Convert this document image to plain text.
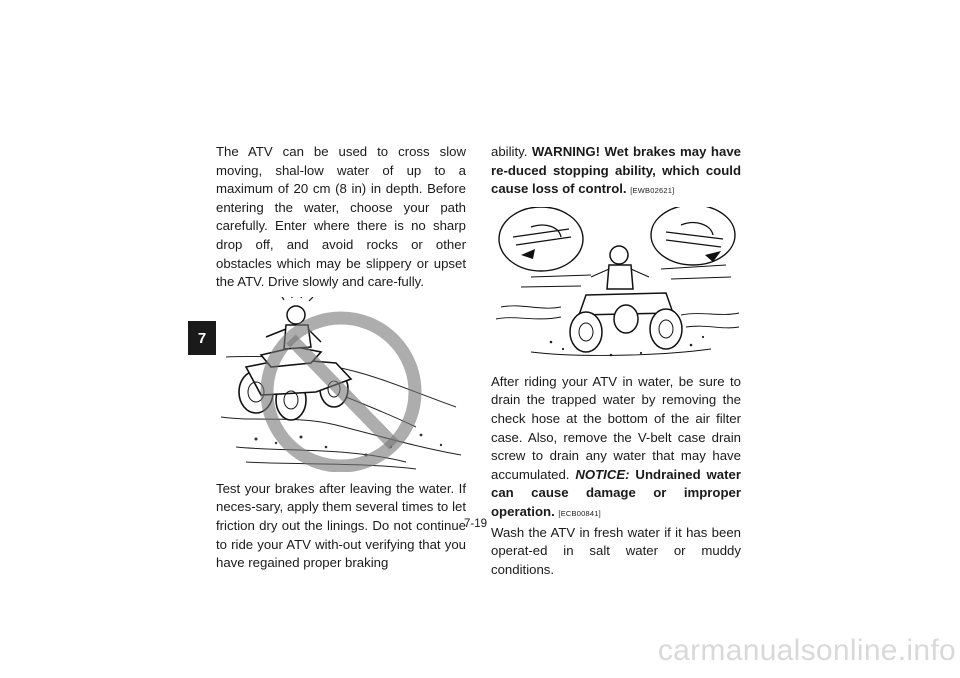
7

The ATV can be used to cross slow moving, shal-low water of up to a maximum of 20 cm (8 in) in depth. Before entering the water, choose your path carefully. Enter where there is no sharp drop off, and avoid rocks or other obstacles which may be slippery or upset the ATV. Drive slowly and care-fully.

Test your brakes after leaving the water. If neces-sary, apply them several times to let friction dry out the linings. Do not continue to ride your ATV with-out verifying that you have regained proper braking

ability. WARNING! Wet brakes may have re-duced stopping ability, which could cause loss of control. [EWB02621]

After riding your ATV in water, be sure to drain the trapped water by removing the check hose at the bottom of the air filter case. Also, remove the V-belt case drain screw to drain any water that may have accumulated. NOTICE: Undrained water can cause damage or improper operation. [ECB00841]

Wash the ATV in fresh water if it has been operat-ed in salt water or muddy conditions.

7-19
carmanualsonline.info
